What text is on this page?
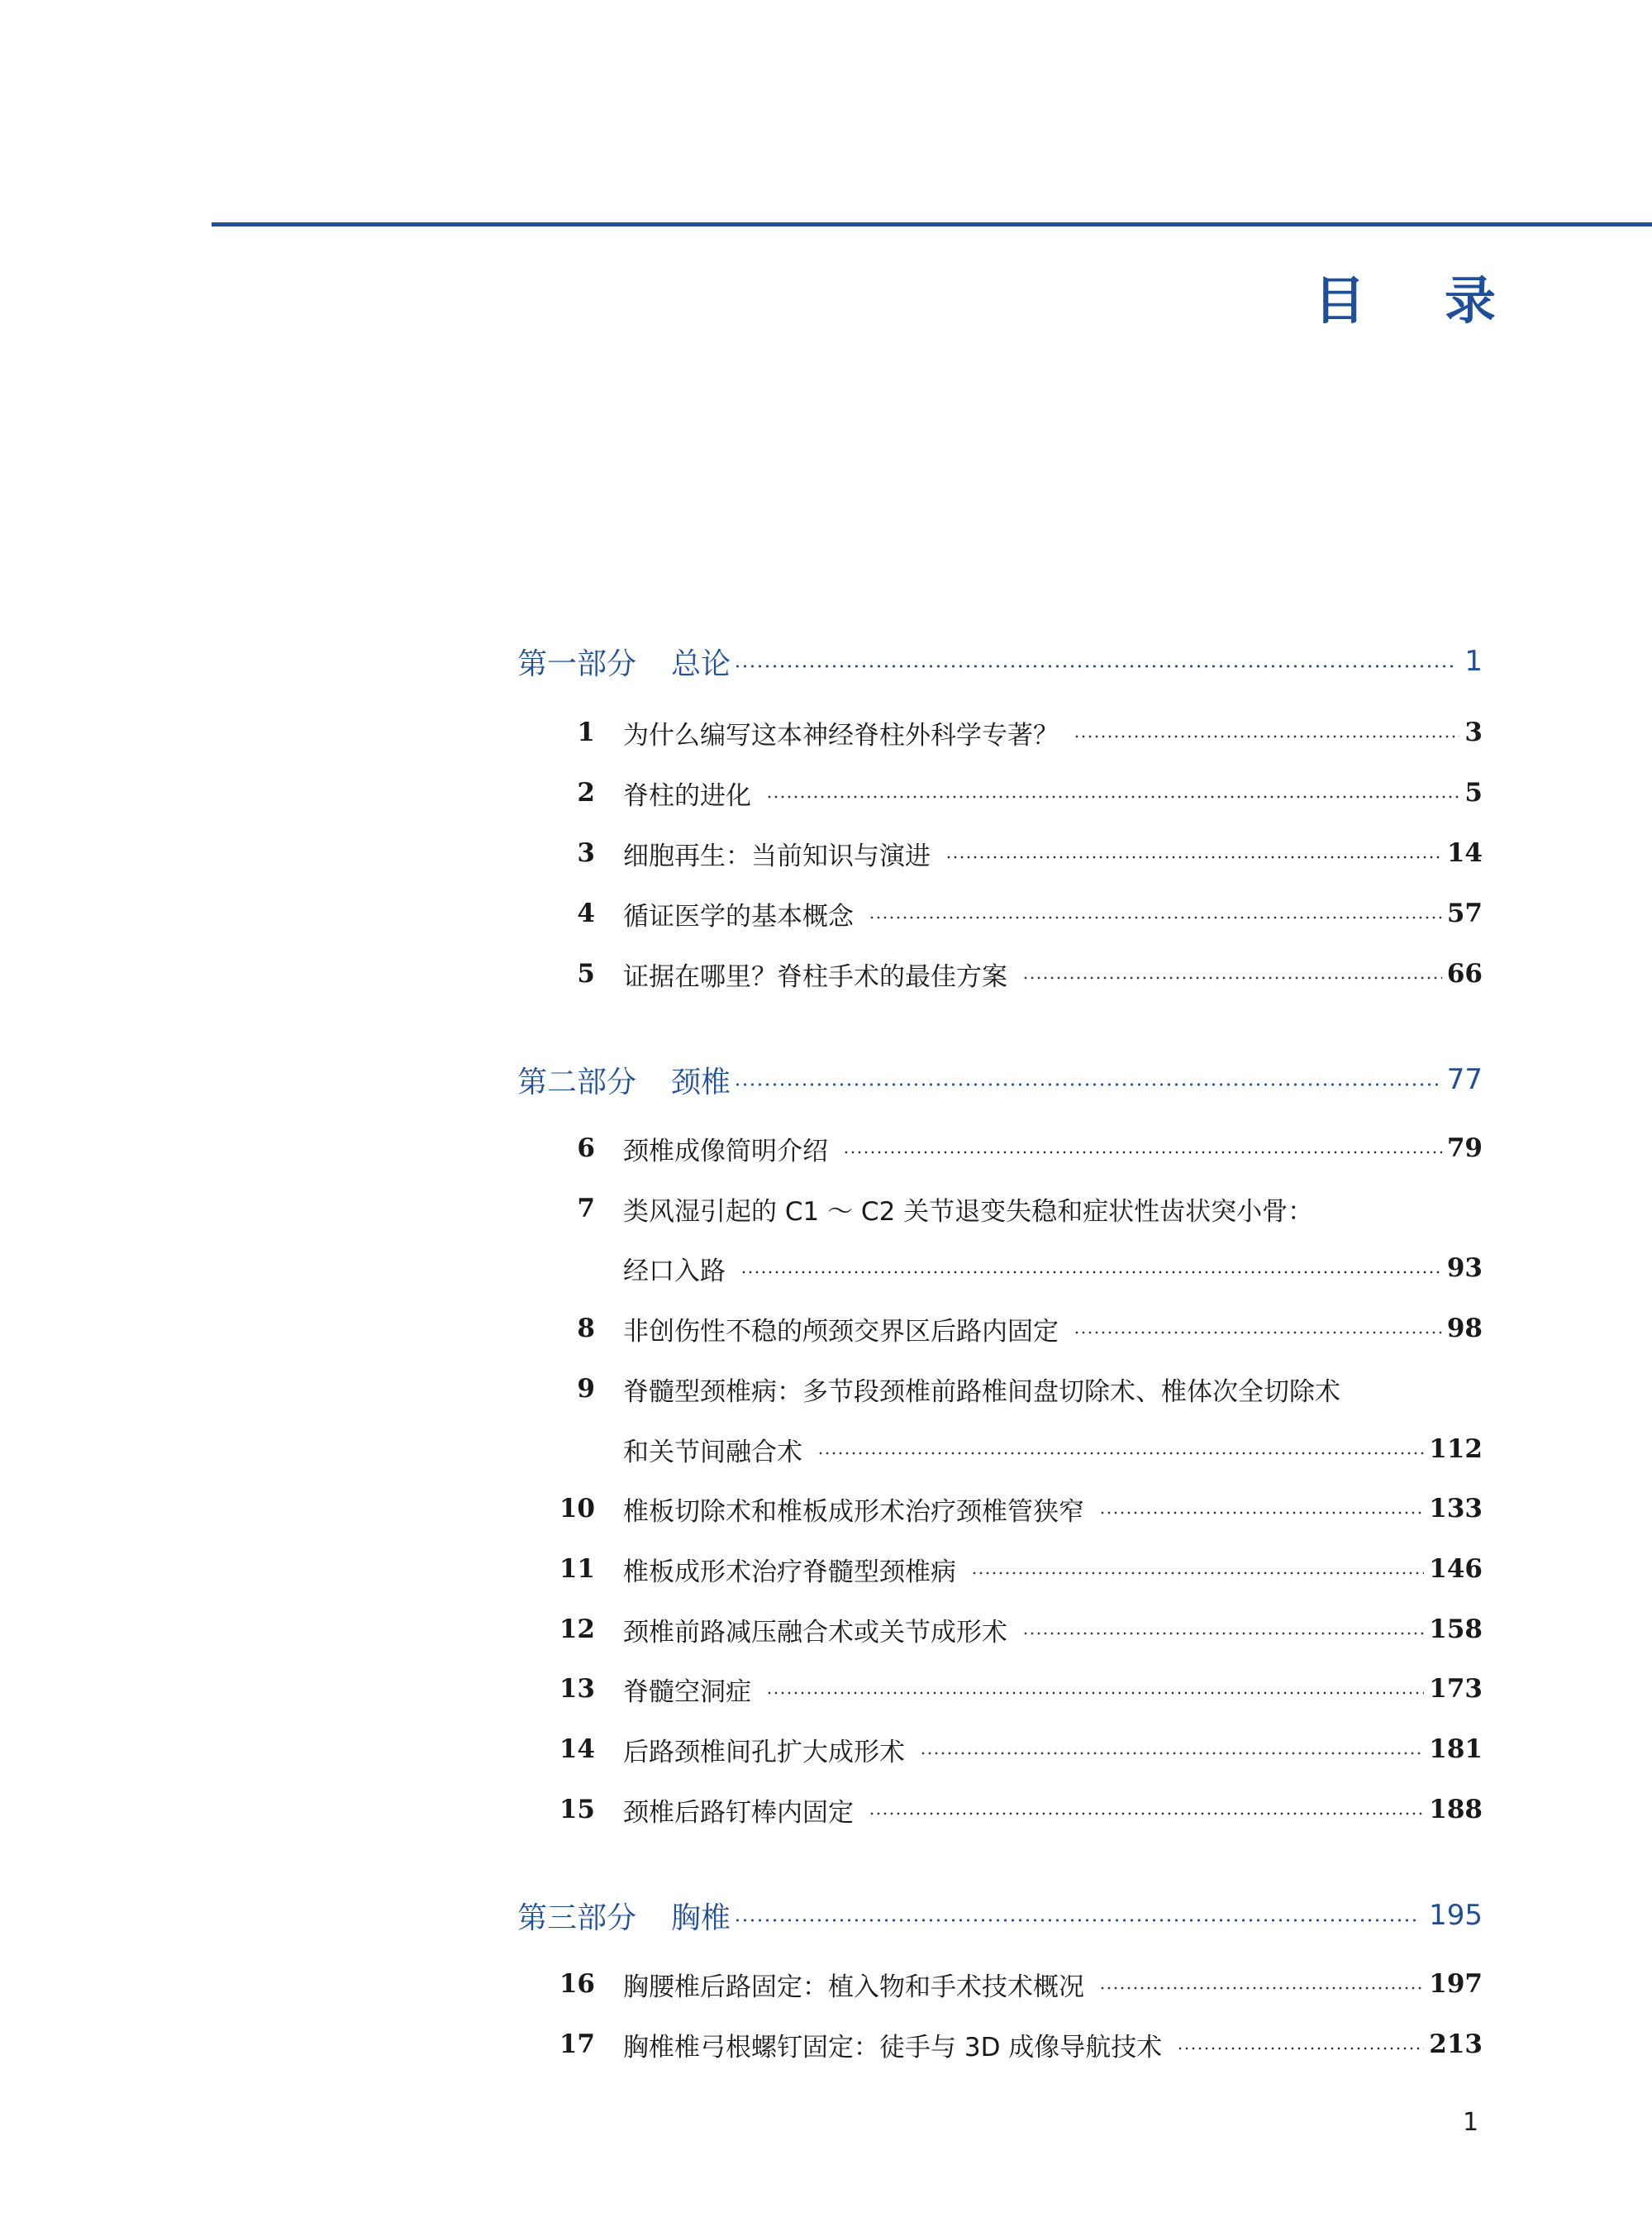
目 录
第一部分 总论	1
1 为什么编写这本神经脊柱外科学专著？	3
2 脊柱的进化	5
3 细胞再生：当前知识与演进	14
4 循证医学的基本概念	57
5 证据在哪里？脊柱手术的最佳方案	66
第二部分 颈椎	77
6 颈椎成像简明介绍	79
7 类风湿引起的 C1 ～ C2 关节退变失稳和症状性齿状突小骨：
经口入路	93
8 非创伤性不稳的颅颈交界区后路内固定	98
9 脊髓型颈椎病：多节段颈椎前路椎间盘切除术、椎体次全切除术
和关节间融合术	112
10 椎板切除术和椎板成形术治疗颈椎管狭窄	133
11 椎板成形术治疗脊髓型颈椎病	146
12 颈椎前路减压融合术或关节成形术	158
13 脊髓空洞症	173
14 后路颈椎间孔扩大成形术	181
15 颈椎后路钉棒内固定	188
第三部分 胸椎	195
16 胸腰椎后路固定：植入物和手术技术概况	197
17 胸椎椎弓根螺钉固定：徒手与 3D 成像导航技术	213
1
